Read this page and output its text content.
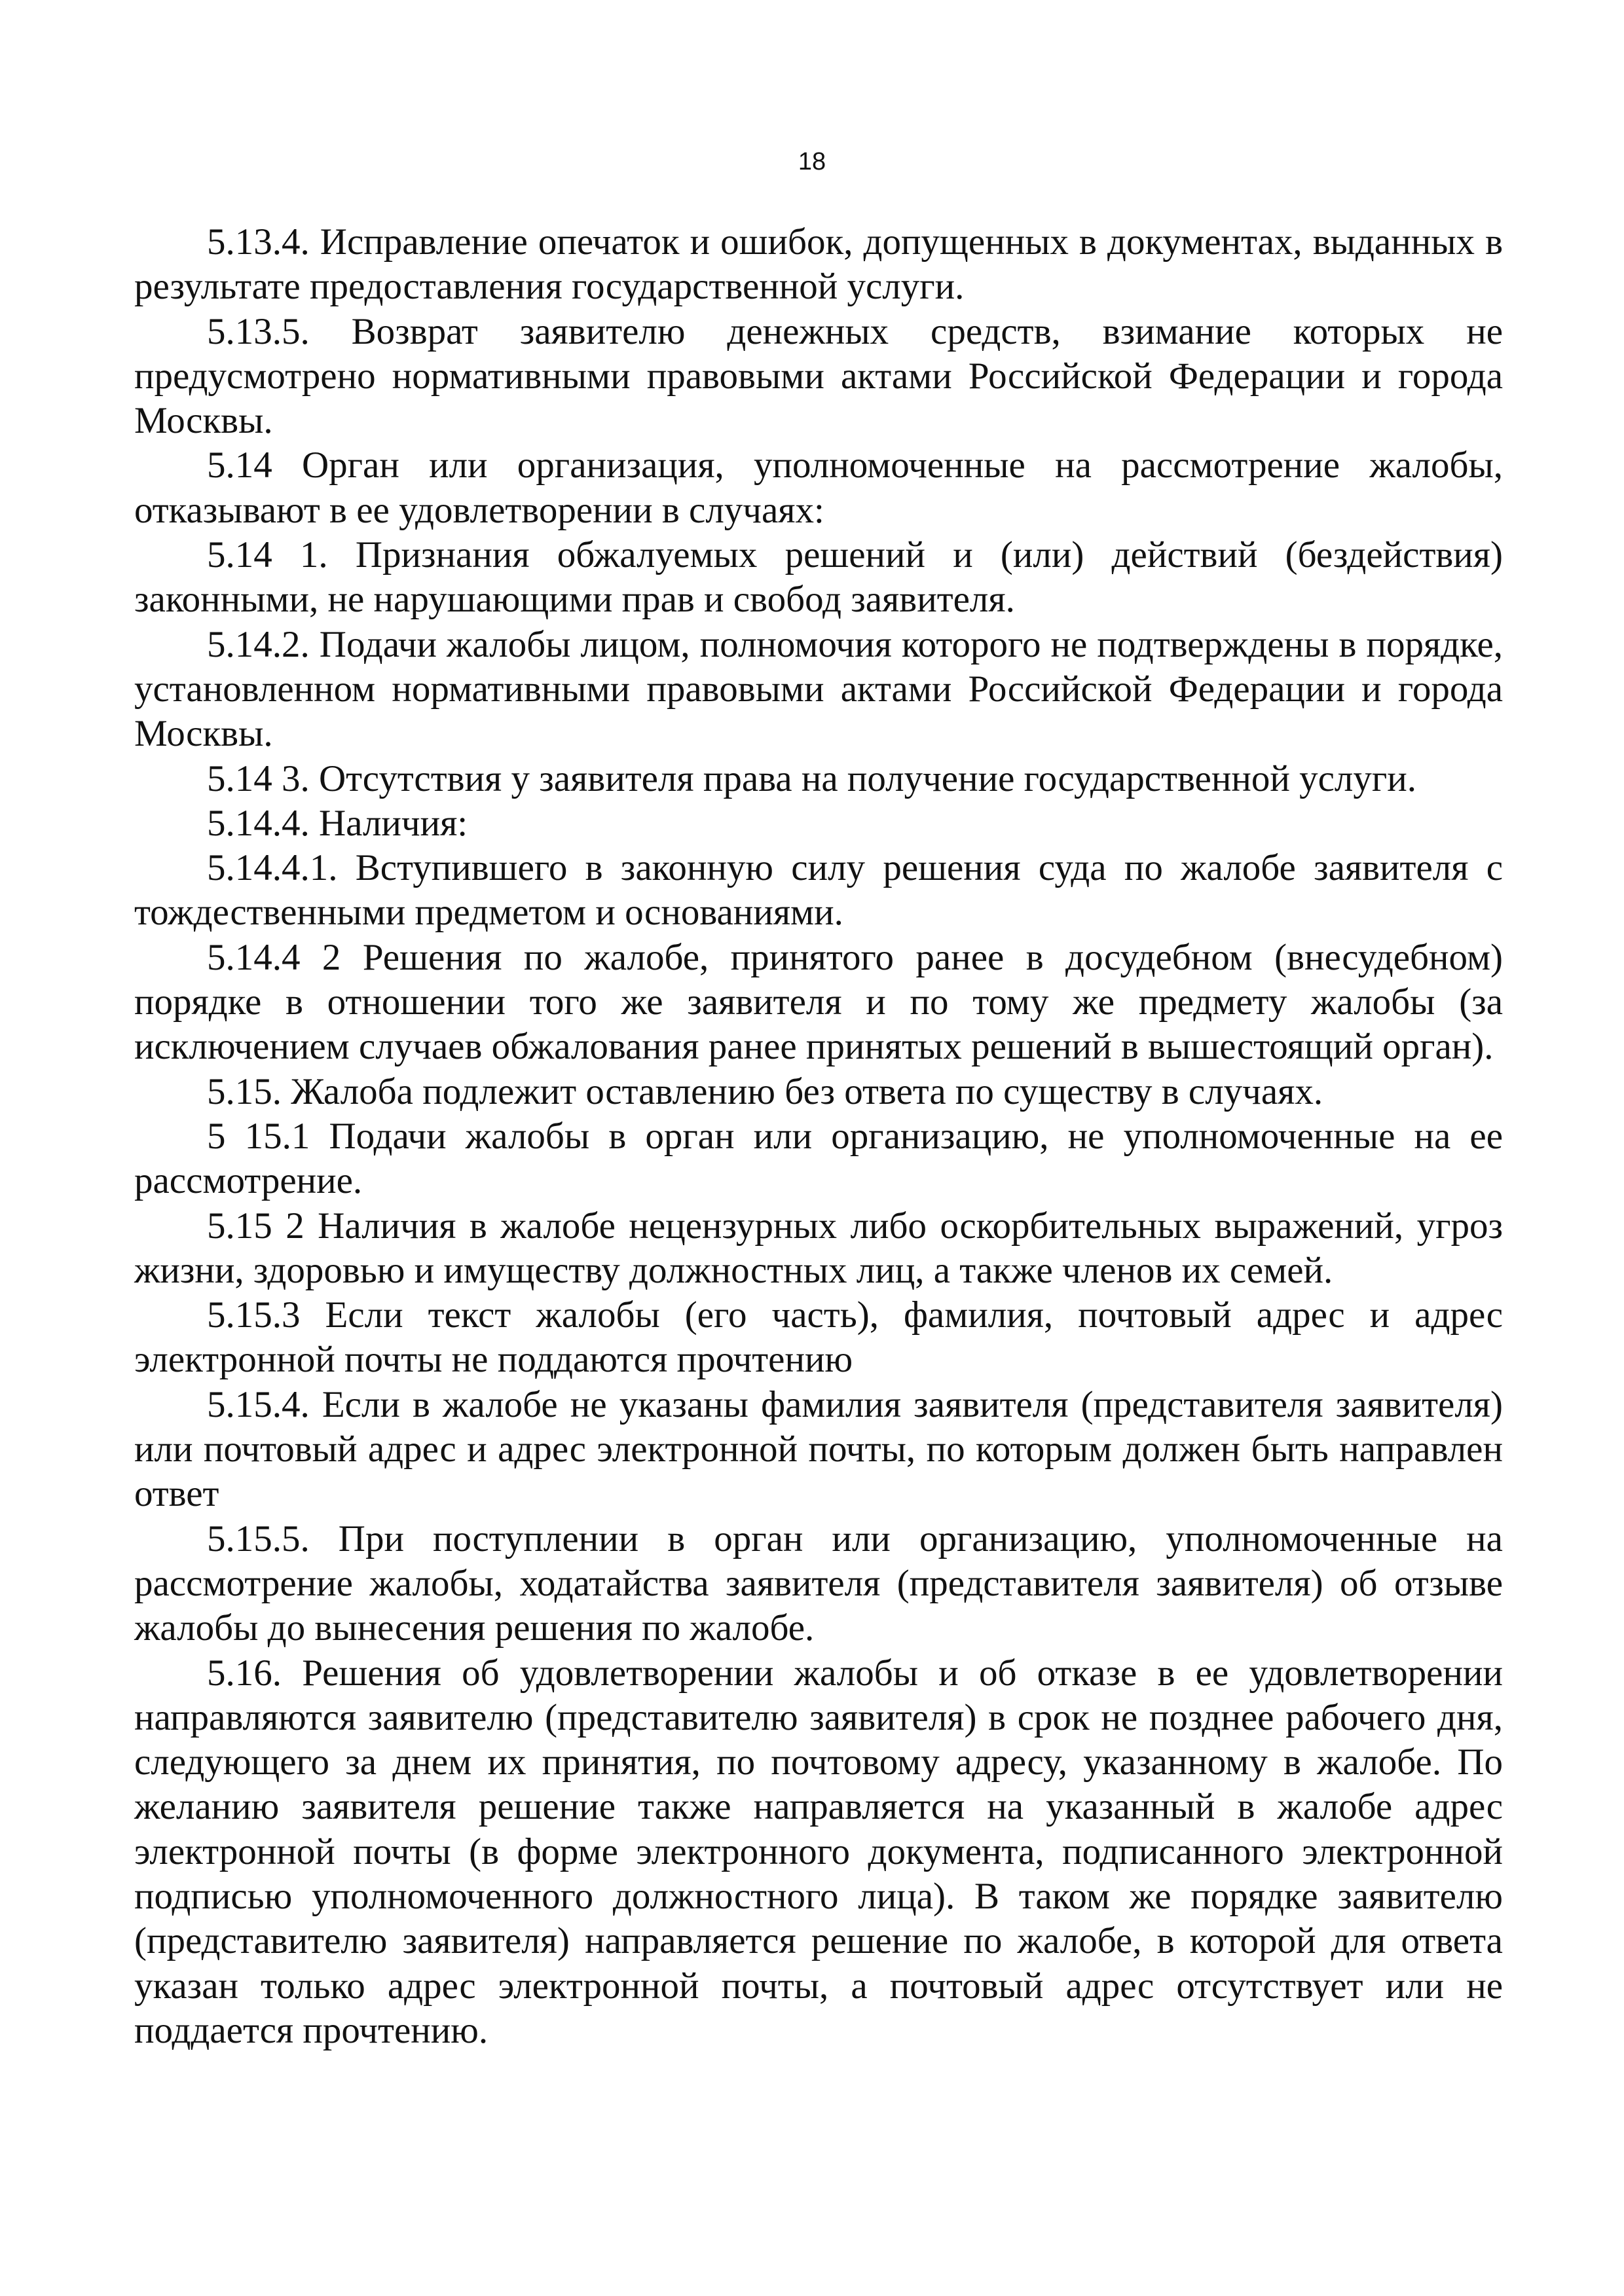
18

5.13.4. Исправление опечаток и ошибок, допущенных в документах, выданных в результате предоставления государственной услуги.

5.13.5. Возврат заявителю денежных средств, взимание которых не предусмотрено нормативными правовыми актами Российской Федерации и города Москвы.

5.14 Орган или организация, уполномоченные на рассмотрение жалобы, отказывают в ее удовлетворении в случаях:

5.14 1. Признания обжалуемых решений и (или) действий (бездействия) законными, не нарушающими прав и свобод заявителя.

5.14.2. Подачи жалобы лицом, полномочия которого не подтверждены в порядке, установленном нормативными правовыми актами Российской Федерации и города Москвы.

5.14 3. Отсутствия у заявителя права на получение государственной услуги.

5.14.4. Наличия:

5.14.4.1. Вступившего в законную силу решения суда по жалобе заявителя с тождественными предметом и основаниями.

5.14.4 2 Решения по жалобе, принятого ранее в досудебном (внесудебном) порядке в отношении того же заявителя и по тому же предмету жалобы (за исключением случаев обжалования ранее принятых решений в вышестоящий орган).

5.15. Жалоба подлежит оставлению без ответа по существу в случаях.

5 15.1 Подачи жалобы в орган или организацию, не уполномоченные на ее рассмотрение.

5.15 2 Наличия в жалобе нецензурных либо оскорбительных выражений, угроз жизни, здоровью и имуществу должностных лиц, а также членов их семей.

5.15.3 Если текст жалобы (его часть), фамилия, почтовый адрес и адрес электронной почты не поддаются прочтению

5.15.4. Если в жалобе не указаны фамилия заявителя (представителя заявителя) или почтовый адрес и адрес электронной почты, по которым должен быть направлен ответ

5.15.5. При поступлении в орган или организацию, уполномоченные на рассмотрение жалобы, ходатайства заявителя (представителя заявителя) об отзыве жалобы до вынесения решения по жалобе.

5.16. Решения об удовлетворении жалобы и об отказе в ее удовлетворении направляются заявителю (представителю заявителя) в срок не позднее рабочего дня, следующего за днем их принятия, по почтовому адресу, указанному в жалобе. По желанию заявителя решение также направляется на указанный в жалобе адрес электронной почты (в форме электронного документа, подписанного электронной подписью уполномоченного должностного лица). В таком же порядке заявителю (представителю заявителя) направляется решение по жалобе, в которой для ответа указан только адрес электронной почты, а почтовый адрес отсутствует или не поддается прочтению.
